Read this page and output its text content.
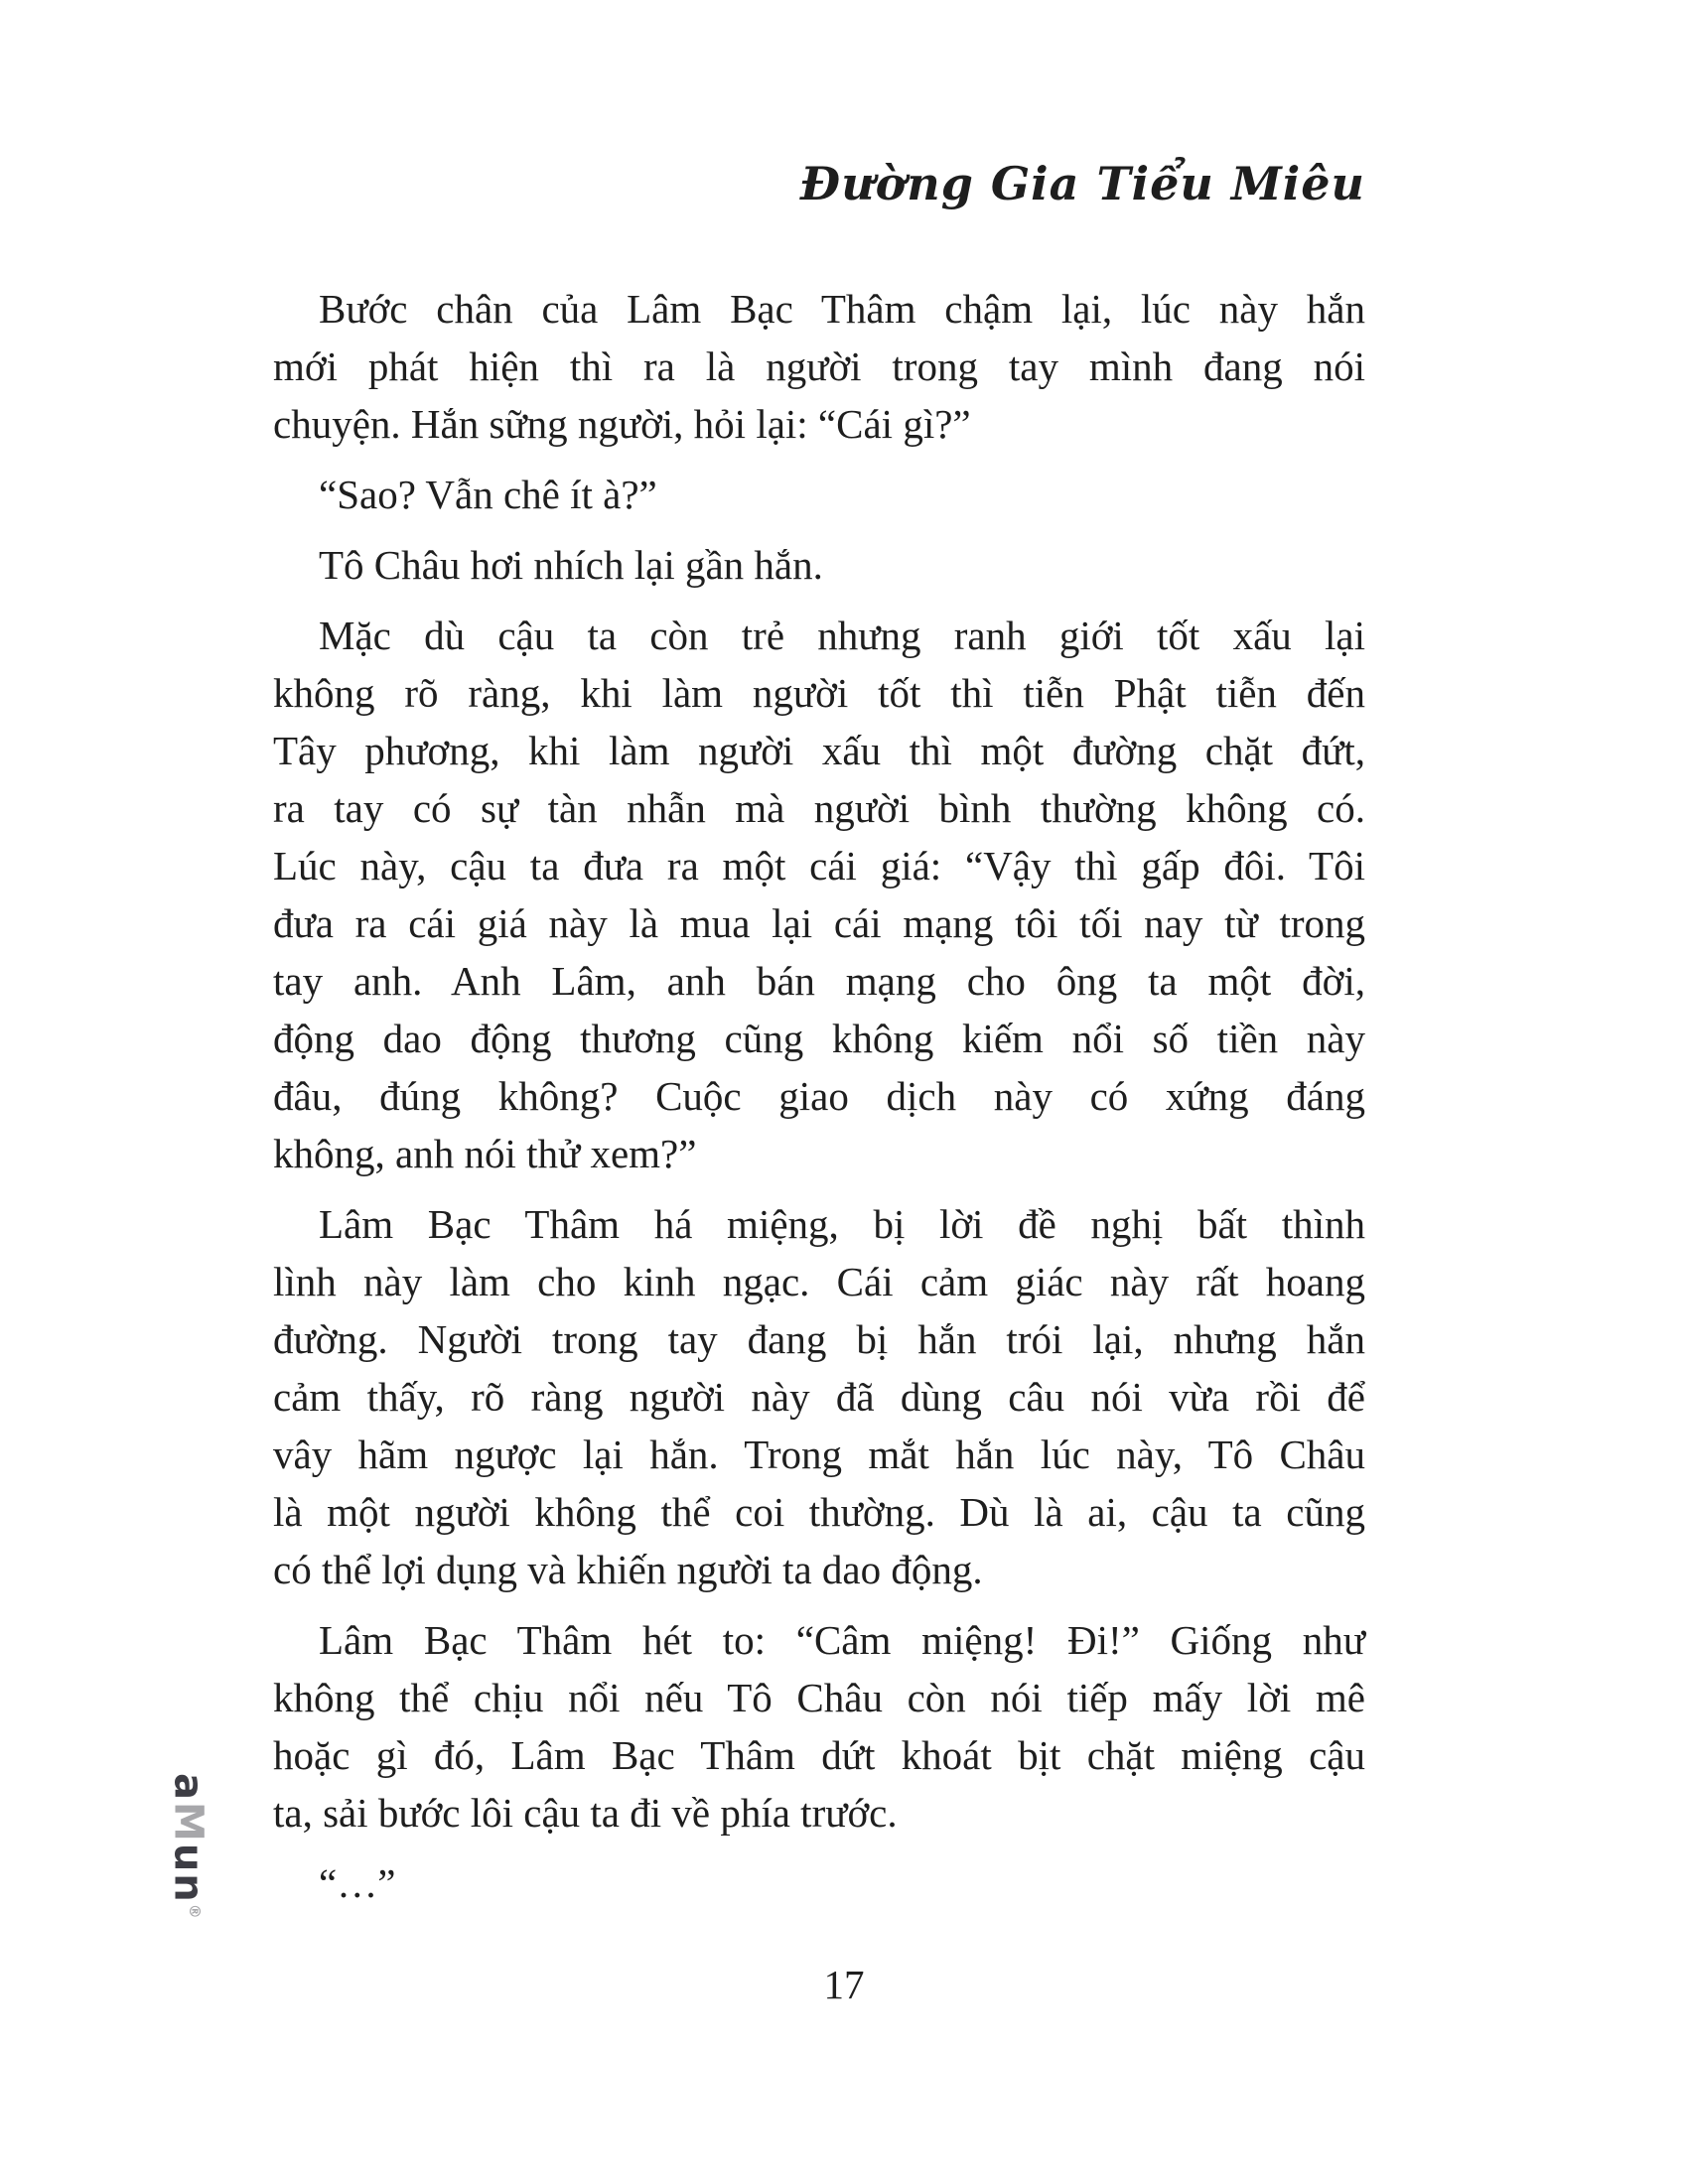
Đường Gia Tiểu Miêu
Bước chân của Lâm Bạc Thâm chậm lại, lúc này hắn
mới phát hiện thì ra là người trong tay mình đang nói
chuyện. Hắn sững người, hỏi lại: “Cái gì?”
“Sao? Vẫn chê ít à?”
Tô Châu hơi nhích lại gần hắn.
Mặc dù cậu ta còn trẻ nhưng ranh giới tốt xấu lại
không rõ ràng, khi làm người tốt thì tiễn Phật tiễn đến
Tây phương, khi làm người xấu thì một đường chặt đứt,
ra tay có sự tàn nhẫn mà người bình thường không có.
Lúc này, cậu ta đưa ra một cái giá: “Vậy thì gấp đôi. Tôi
đưa ra cái giá này là mua lại cái mạng tôi tối nay từ trong
tay anh. Anh Lâm, anh bán mạng cho ông ta một đời,
động dao động thương cũng không kiếm nổi số tiền này
đâu, đúng không? Cuộc giao dịch này có xứng đáng
không, anh nói thử xem?”
Lâm Bạc Thâm há miệng, bị lời đề nghị bất thình
lình này làm cho kinh ngạc. Cái cảm giác này rất hoang
đường. Người trong tay đang bị hắn trói lại, nhưng hắn
cảm thấy, rõ ràng người này đã dùng câu nói vừa rồi để
vây hãm ngược lại hắn. Trong mắt hắn lúc này, Tô Châu
là một người không thể coi thường. Dù là ai, cậu ta cũng
có thể lợi dụng và khiến người ta dao động.
Lâm Bạc Thâm hét to: “Câm miệng! Đi!” Giống như
không thể chịu nổi nếu Tô Châu còn nói tiếp mấy lời mê
hoặc gì đó, Lâm Bạc Thâm dứt khoát bịt chặt miệng cậu
ta, sải bước lôi cậu ta đi về phía trước.
“…”
aMun®
17
